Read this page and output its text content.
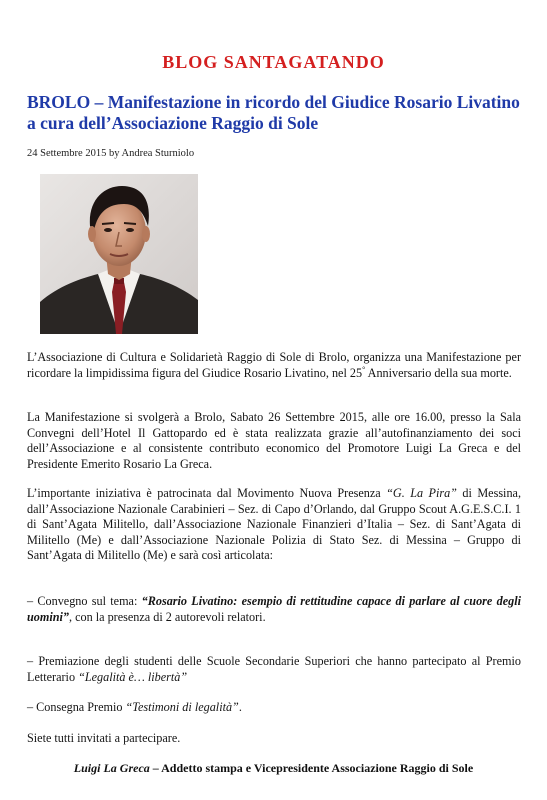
BLOG SANTAGATANDO
BROLO – Manifestazione in ricordo del Giudice Rosario Livatino a cura dell’Associazione Raggio di Sole
24 Settembre 2015 by Andrea Sturniolo

L’Associazione di Cultura e Solidarietà Raggio di Sole di Brolo, organizza una Manifestazione per ricordare la limpidissima figura del Giudice Rosario Livatino, nel 25° Anniversario della sua morte.

La Manifestazione si svolgerà a Brolo, Sabato 26 Settembre 2015, alle ore 16.00, presso la Sala Convegni dell’Hotel Il Gattopardo ed è stata realizzata grazie all’autofinanziamento dei soci dell’Associazione e al consistente contributo economico del Promotore Luigi La Greca e del Presidente Emerito Rosario La Greca.

L’importante iniziativa è patrocinata dal Movimento Nuova Presenza “G. La Pira” di Messina, dall’Associazione Nazionale Carabinieri – Sez. di Capo d’Orlando, dal Gruppo Scout A.G.E.S.C.I. 1 di Sant’Agata Militello, dall’Associazione Nazionale Finanzieri d’Italia – Sez. di Sant’Agata di Militello (Me) e dall’Associazione Nazionale Polizia di Stato Sez. di Messina – Gruppo di Sant’Agata di Militello (Me) e sarà così articolata:

– Convegno sul tema: “Rosario Livatino: esempio di rettitudine capace di parlare al cuore degli uomini”, con la presenza di 2 autorevoli relatori.

– Premiazione degli studenti delle Scuole Secondarie Superiori che hanno partecipato al Premio Letterario “Legalità è… libertà”

– Consegna Premio “Testimoni di legalità”.

Siete tutti invitati a partecipare.

Luigi La Greca – Addetto stampa e Vicepresidente Associazione Raggio di Sole
